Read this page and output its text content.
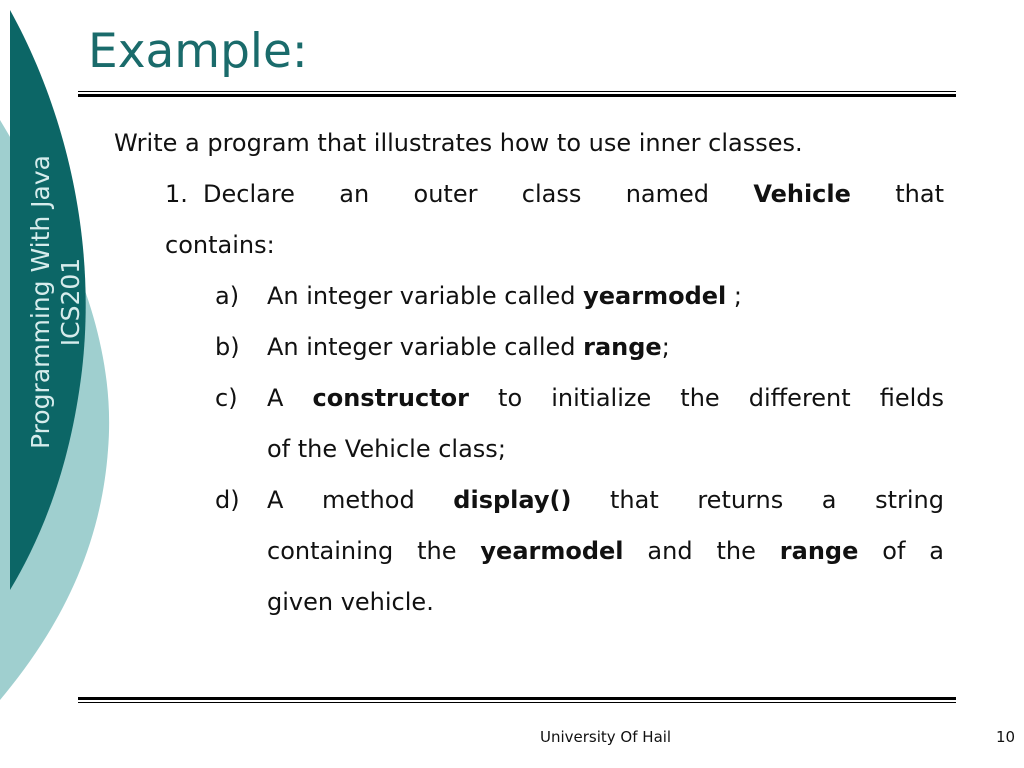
Programming With Java ICS201
Example:
Write a program that illustrates how to use inner classes.
1. Declare an outer class named Vehicle that
contains:
a) An integer variable called yearmodel ;
b) An integer variable called range;
c) A constructor to initialize the different fields
of the Vehicle class;
d) A method display() that returns a string
containing the yearmodel and the range of a
given vehicle.
University Of Hail	10
